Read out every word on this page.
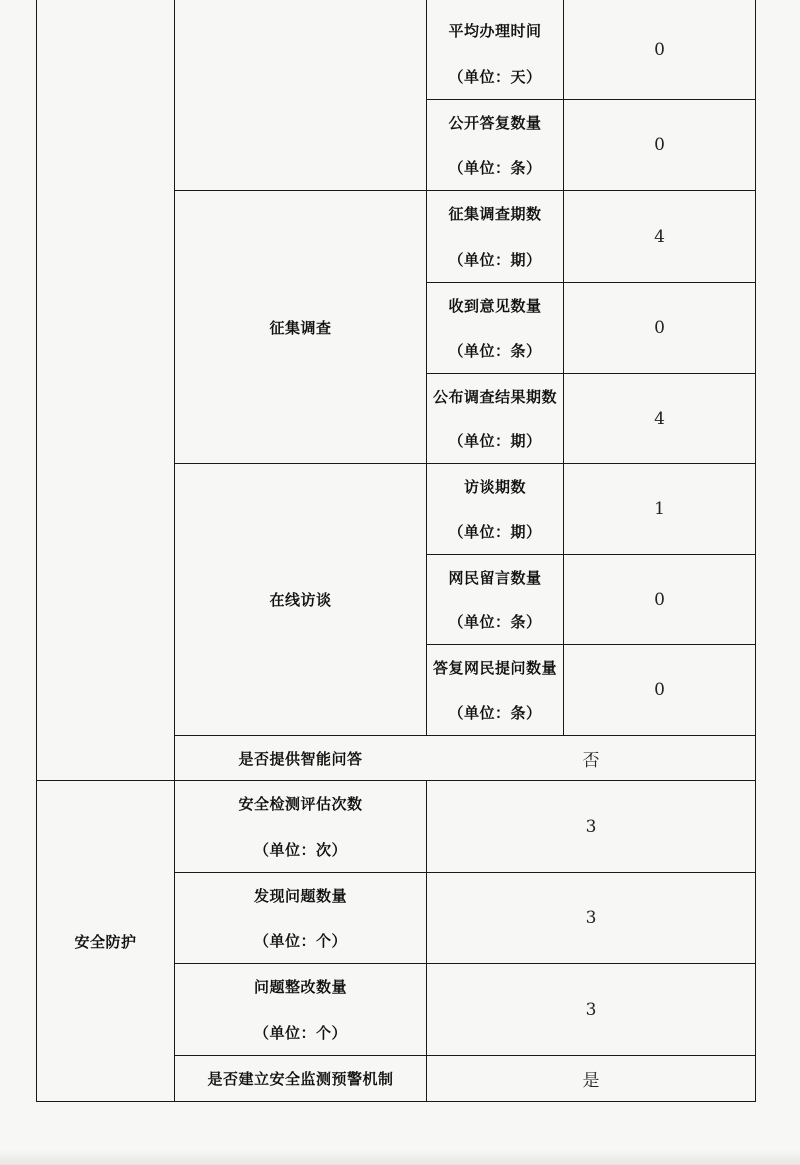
征集调查
在线访谈
安全防护
平均办理时间
（单位：天）
0
公开答复数量
（单位：条）
0
征集调查期数
（单位：期）
4
收到意见数量
（单位：条）
0
公布调查结果期数
（单位：期）
4
访谈期数
（单位：期）
1
网民留言数量
（单位：条）
0
答复网民提问数量
（单位：条）
0
是否提供智能问答	否
安全检测评估次数
（单位：次）
3
发现问题数量
（单位：个）
3
问题整改数量
（单位：个）
3
是否建立安全监测预警机制	是
